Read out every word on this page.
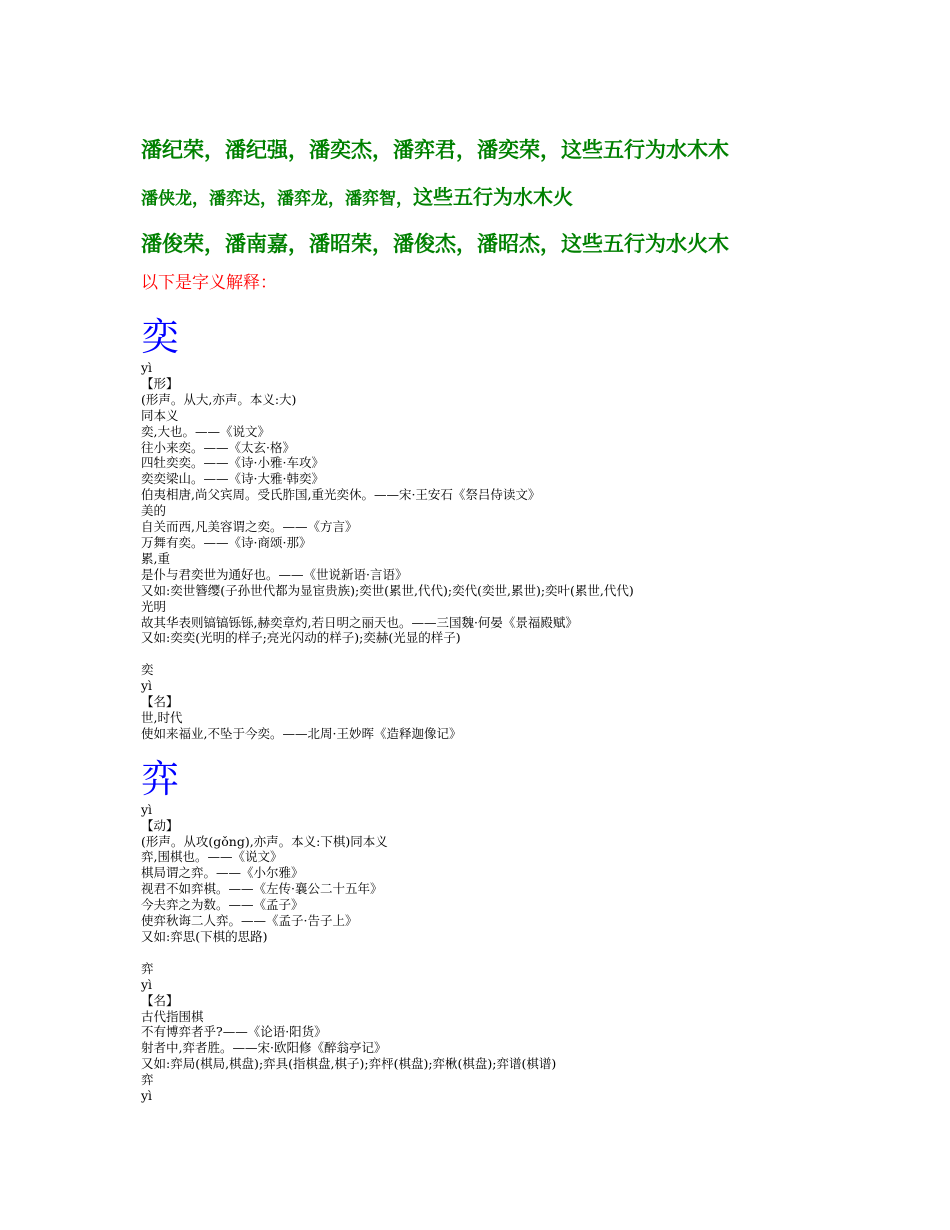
潘纪荣，潘纪强，潘奕杰，潘弈君，潘奕荣，这些五行为水木木

潘侠龙，潘弈达，潘弈龙，潘弈智，这些五行为水木火

潘俊荣，潘南嘉，潘昭荣，潘俊杰，潘昭杰，这些五行为水火木

以下是字义解释：
奕

yì

【形】

(形声。从大,亦声。本义:大)

同本义

奕,大也。——《说文》

往小来奕。——《太玄·格》

四牡奕奕。——《诗·小雅·车攻》

奕奕梁山。——《诗·大雅·韩奕》

伯夷相唐,尚父宾周。受氏胙国,重光奕休。——宋·王安石《祭吕侍读文》

美的

自关而西,凡美容谓之奕。——《方言》

万舞有奕。——《诗·商颂·那》

累,重

是仆与君奕世为通好也。——《世说新语·言语》

又如:奕世簪缨(子孙世代都为显宦贵族);奕世(累世,代代);奕代(奕世,累世);奕叶(累世,代代)

光明

故其华表则镐镐铄铄,赫奕章灼,若日明之丽天也。——三国魏·何晏《景福殿赋》

又如:奕奕(光明的样子;亮光闪动的样子);奕赫(光显的样子)

奕

yì

【名】

世,时代

使如来福业,不坠于今奕。——北周·王妙晖《造释迦像记》

弈

yì

【动】

(形声。从攻(gǒng),亦声。本义:下棋)同本义

弈,围棋也。——《说文》

棋局谓之弈。——《小尔雅》

视君不如弈棋。——《左传·襄公二十五年》

今夫弈之为数。——《孟子》

使弈秋诲二人弈。——《孟子·告子上》

又如:弈思(下棋的思路)

弈

yì

【名】

古代指围棋

不有博弈者乎?——《论语·阳货》

射者中,弈者胜。——宋·欧阳修《醉翁亭记》

又如:弈局(棋局,棋盘);弈具(指棋盘,棋子);弈枰(棋盘);弈楸(棋盘);弈谱(棋谱)

弈

yì
